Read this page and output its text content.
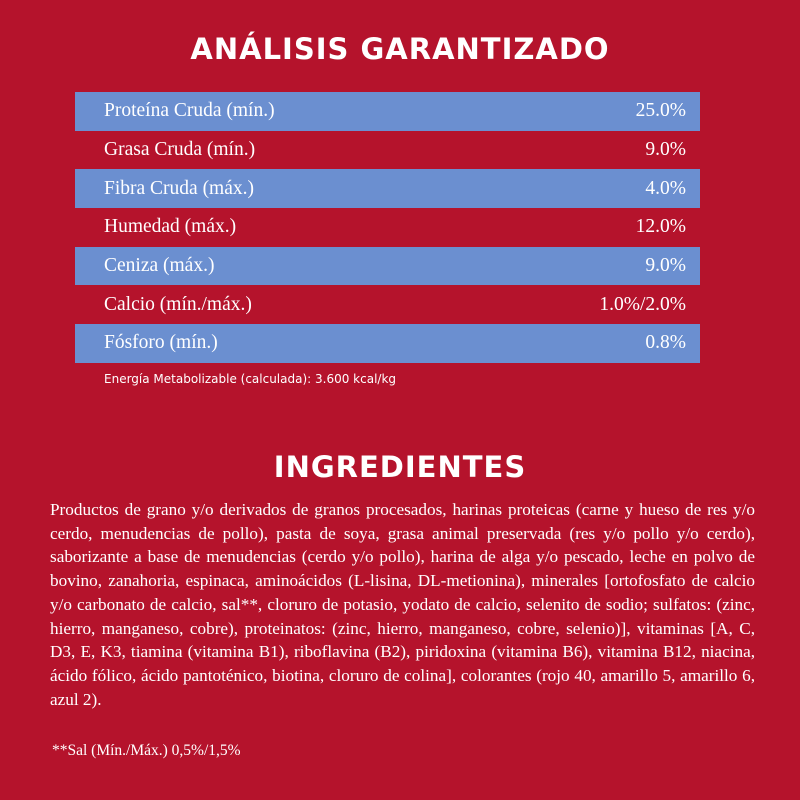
ANÁLISIS GARANTIZADO
Proteína Cruda (mín.)	25.0%
Grasa Cruda (mín.)	9.0%
Fibra Cruda (máx.)	4.0%
Humedad (máx.)	12.0%
Ceniza (máx.)	9.0%
Calcio (mín./máx.)	1.0%/2.0%
Fósforo (mín.)	0.8%
Energía Metabolizable (calculada): 3.600 kcal/kg
INGREDIENTES
Productos de grano y/o derivados de granos procesados, harinas proteicas (carne y hueso de res y/o cerdo, menudencias de pollo), pasta de soya, grasa animal preservada (res y/o pollo y/o cerdo), saborizante a base de menudencias (cerdo y/o pollo), harina de alga y/o pescado, leche en polvo de bovino, zanahoria, espinaca, aminoácidos (L-lisina, DL-metionina), minerales [ortofosfato de calcio y/o carbonato de calcio, sal**, cloruro de potasio, yodato de calcio, selenito de sodio; sulfatos: (zinc, hierro, manganeso, cobre), proteinatos: (zinc, hierro, manganeso, cobre, selenio)], vitaminas [A, C, D3, E, K3, tiamina (vitamina B1), riboflavina (B2), piridoxina (vitamina B6), vitamina B12, niacina, ácido fólico, ácido pantoténico, biotina, cloruro de colina], colorantes (rojo 40, amarillo 5, amarillo 6, azul 2).
**Sal (Mín./Máx.) 0,5%/1,5%
